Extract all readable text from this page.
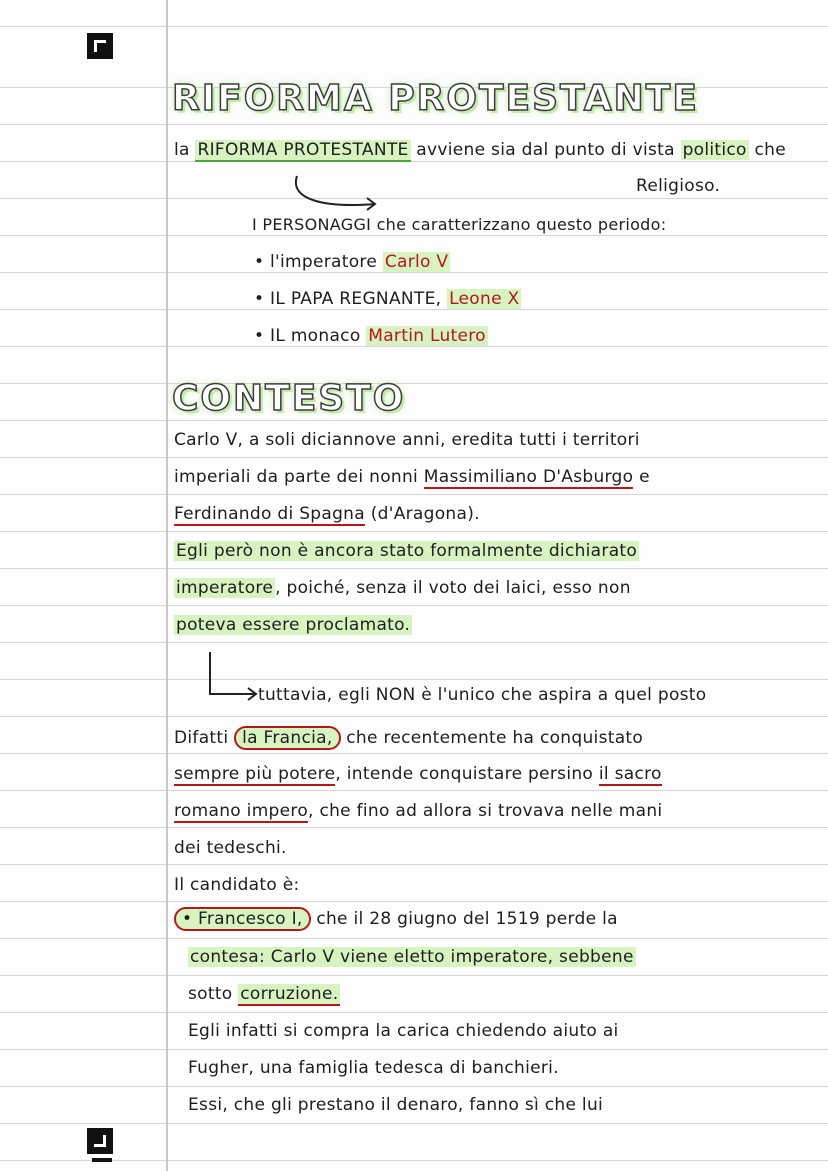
RIFORMA PROTESTANTE
la RIFORMA PROTESTANTE avviene sia dal punto di vista politico che
Religioso.
I PERSONAGGI che caratterizzano questo periodo:
• l'imperatore Carlo V
• IL PAPA REGNANTE, Leone X
• IL monaco Martin Lutero
CONTESTO
Carlo V, a soli diciannove anni, eredita tutti i territori
imperiali da parte dei nonni Massimiliano D'Asburgo e
Ferdinando di Spagna (d'Aragona).
Egli però non è ancora stato formalmente dichiarato
imperatore , poiché, senza il voto dei laici, esso non
poteva essere proclamato.
tuttavia, egli NON è l'unico che aspira a quel posto
Difatti la Francia, che recentemente ha conquistato
sempre più potere, intende conquistare persino il sacro
romano impero, che fino ad allora si trovava nelle mani
dei tedeschi.
Il candidato è:
• Francesco I, che il 28 giugno del 1519 perde la
contesa: Carlo V viene eletto imperatore, sebbene
sotto corruzione.
Egli infatti si compra la carica chiedendo aiuto ai
Fugher, una famiglia tedesca di banchieri.
Essi, che gli prestano il denaro, fanno sì che lui
